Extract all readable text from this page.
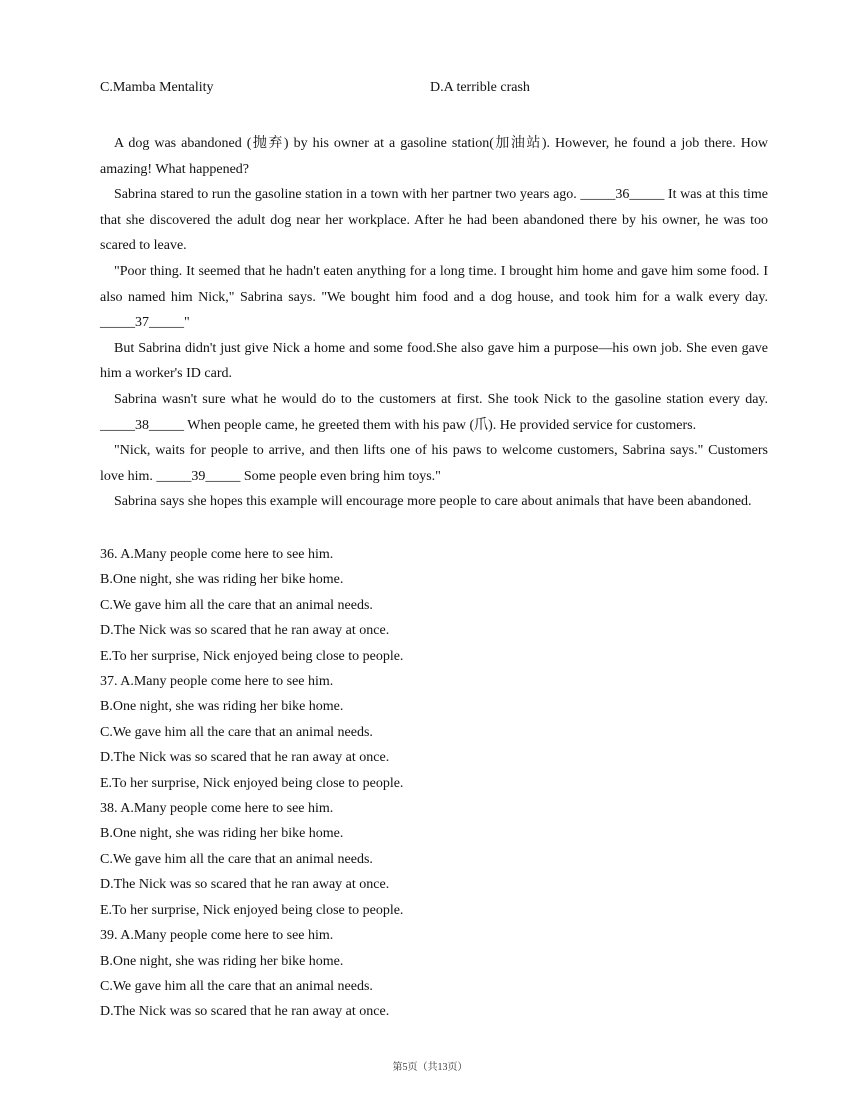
C.Mamba Mentality	D.A terrible crash

A dog was abandoned (抛弃) by his owner at a gasoline station(加油站). However, he found a job there. How amazing! What happened?

Sabrina stared to run the gasoline station in a town with her partner two years ago. _____36_____ It was at this time that she discovered the adult dog near her workplace. After he had been abandoned there by his owner, he was too scared to leave.

"Poor thing. It seemed that he hadn't eaten anything for a long time. I brought him home and gave him some food. I also named him Nick," Sabrina says. "We bought him food and a dog house, and took him for a walk every day. _____37_____"

But Sabrina didn't just give Nick a home and some food.She also gave him a purpose—his own job. She even gave him a worker's ID card.

Sabrina wasn't sure what he would do to the customers at first. She took Nick to the gasoline station every day. _____38_____ When people came, he greeted them with his paw (爪). He provided service for customers.

"Nick, waits for people to arrive, and then lifts one of his paws to welcome customers, Sabrina says." Customers love him. _____39_____ Some people even bring him toys."

Sabrina says she hopes this example will encourage more people to care about animals that have been abandoned.

36. A.Many people come here to see him.
B.One night, she was riding her bike home.
C.We gave him all the care that an animal needs.
D.The Nick was so scared that he ran away at once.
E.To her surprise, Nick enjoyed being close to people.
37. A.Many people come here to see him.
B.One night, she was riding her bike home.
C.We gave him all the care that an animal needs.
D.The Nick was so scared that he ran away at once.
E.To her surprise, Nick enjoyed being close to people.
38. A.Many people come here to see him.
B.One night, she was riding her bike home.
C.We gave him all the care that an animal needs.
D.The Nick was so scared that he ran away at once.
E.To her surprise, Nick enjoyed being close to people.
39. A.Many people come here to see him.
B.One night, she was riding her bike home.
C.We gave him all the care that an animal needs.
D.The Nick was so scared that he ran away at once.
第5页（共13页）
